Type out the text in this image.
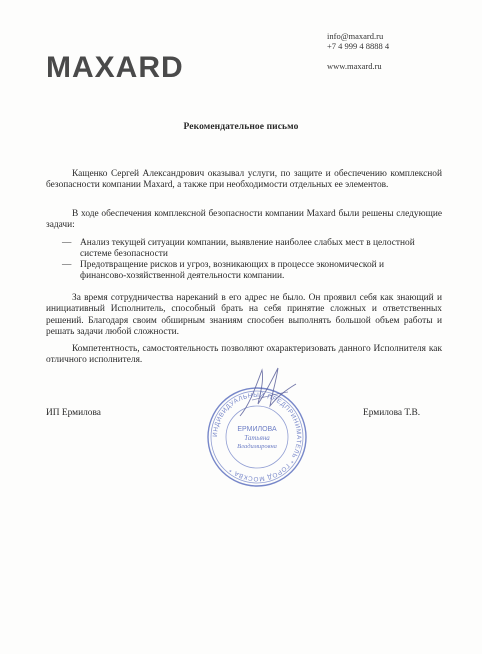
MAXARD
info@maxard.ru
+7 4 999 4 8888 4
www.maxard.ru
Рекомендательное письмо
Кащенко Сергей Александрович оказывал услуги, по защите и обеспечению комплексной безопасности компании Maxard, а также при необходимости отдельных ее элементов.
В ходе обеспечения комплексной безопасности компании Maxard были решены следующие задачи:
— Анализ текущей ситуации компании, выявление наиболее слабых мест в целостной системе безопасности
— Предотвращение рисков и угроз, возникающих в процессе экономической и финансово-хозяйственной деятельности компании.
За время сотрудничества нареканий в его адрес не было. Он проявил себя как знающий и инициативный Исполнитель, способный брать на себя принятие сложных и ответственных решений. Благодаря своим обширным знаниям способен выполнять большой объем работы и решать задачи любой сложности.
Компетентность, самостоятельность позволяют охарактеризовать данного Исполнителя как отличного исполнителя.
ИНДИВИДУАЛЬНЫЙ ПРЕДПРИНИМАТЕЛЬ * ГОРОД МОСКВА *
ЕРМИЛОВА
Татьяна
Владимировна
ИП Ермилова	Ермилова Т.В.
